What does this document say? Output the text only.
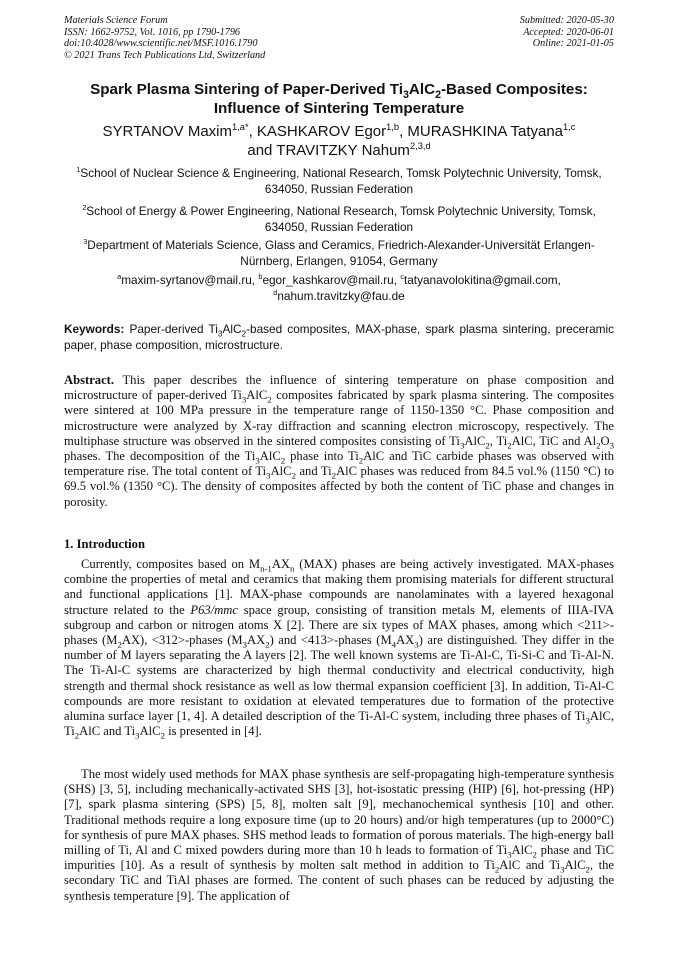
Materials Science Forum
ISSN: 1662-9752, Vol. 1016, pp 1790-1796
doi:10.4028/www.scientific.net/MSF.1016.1790
© 2021 Trans Tech Publications Ltd, Switzerland
Submitted: 2020-05-30
Accepted: 2020-06-01
Online: 2021-01-05
Spark Plasma Sintering of Paper-Derived $Ti_3AlC_2$-Based Composites:
Influence of Sintering Temperature
SYRTANOV Maxim$^{1,a*}$, KASHKAROV Egor$^{1,b}$, MURASHKINA Tatyana$^{1,c}$
and TRAVITZKY Nahum$^{2,3,d}$
$^1$School of Nuclear Science & Engineering, National Research, Tomsk Polytechnic University, Tomsk, 634050, Russian Federation
$^2$School of Energy & Power Engineering, National Research, Tomsk Polytechnic University, Tomsk, 634050, Russian Federation
$^3$Department of Materials Science, Glass and Ceramics, Friedrich-Alexander-Universität Erlangen-Nürnberg, Erlangen, 91054, Germany
$^a$maxim-syrtanov@mail.ru, $^b$egor_kashkarov@mail.ru, $^c$tatyanavolokitina@gmail.com,
$^d$nahum.travitzky@fau.de
Keywords: Paper-derived $Ti_3AlC_2$-based composites, MAX-phase, spark plasma sintering, preceramic paper, phase composition, microstructure.
Abstract. This paper describes the influence of sintering temperature on phase composition and microstructure of paper-derived $Ti_3AlC_2$ composites fabricated by spark plasma sintering. The composites were sintered at 100 MPa pressure in the temperature range of 1150-1350 °C. Phase composition and microstructure were analyzed by X-ray diffraction and scanning electron microscopy, respectively. The multiphase structure was observed in the sintered composites consisting of $Ti_3AlC_2$, $Ti_2AlC$, TiC and $Al_2O_3$ phases. The decomposition of the $Ti_3AlC_2$ phase into $Ti_2AlC$ and TiC carbide phases was observed with temperature rise. The total content of $Ti_3AlC_2$ and $Ti_2AlC$ phases was reduced from 84.5 vol.% (1150 °C) to 69.5 vol.% (1350 °C). The density of composites affected by both the content of TiC phase and changes in porosity.
1. Introduction

Currently, composites based on $M_{n-1}AX_n$ (MAX) phases are being actively investigated. MAX-phases combine the properties of metal and ceramics that making them promising materials for different structural and functional applications [1]. MAX-phase compounds are nanolaminates with a layered hexagonal structure related to the P63/mmc space group, consisting of transition metals M, elements of IIIA-IVA subgroup and carbon or nitrogen atoms X [2]. There are six types of MAX phases, among which <211>-phases $(M_2AX)$, <312>-phases $(M_3AX_2)$ and <413>-phases $(M_4AX_3)$ are distinguished. They differ in the number of M layers separating the A layers [2]. The well known systems are Ti-Al-C, Ti-Si-C and Ti-Al-N. The Ti-Al-C systems are characterized by high thermal conductivity and electrical conductivity, high strength and thermal shock resistance as well as low thermal expansion coefficient [3]. In addition, Ti-Al-C compounds are more resistant to oxidation at elevated temperatures due to formation of the protective alumina surface layer [1, 4]. A detailed description of the Ti-Al-C system, including three phases of $Ti_3AlC$, $Ti_2AlC$ and $Ti_3AlC_2$ is presented in [4].

The most widely used methods for MAX phase synthesis are self-propagating high-temperature synthesis (SHS) [3, 5], including mechanically-activated SHS [3], hot-isostatic pressing (HIP) [6], hot-pressing (HP) [7], spark plasma sintering (SPS) [5, 8], molten salt [9], mechanochemical synthesis [10] and other. Traditional methods require a long exposure time (up to 20 hours) and/or high temperatures (up to 2000°C) for synthesis of pure MAX phases. SHS method leads to formation of porous materials. The high-energy ball milling of Ti, Al and C mixed powders during more than 10 h leads to formation of $Ti_3AlC_2$ phase and TiC impurities [10]. As a result of synthesis by molten salt method in addition to $Ti_2AlC$ and $Ti_3AlC_2$, the secondary TiC and TiAl phases are formed. The content of such phases can be reduced by adjusting the synthesis temperature [9]. The application of
